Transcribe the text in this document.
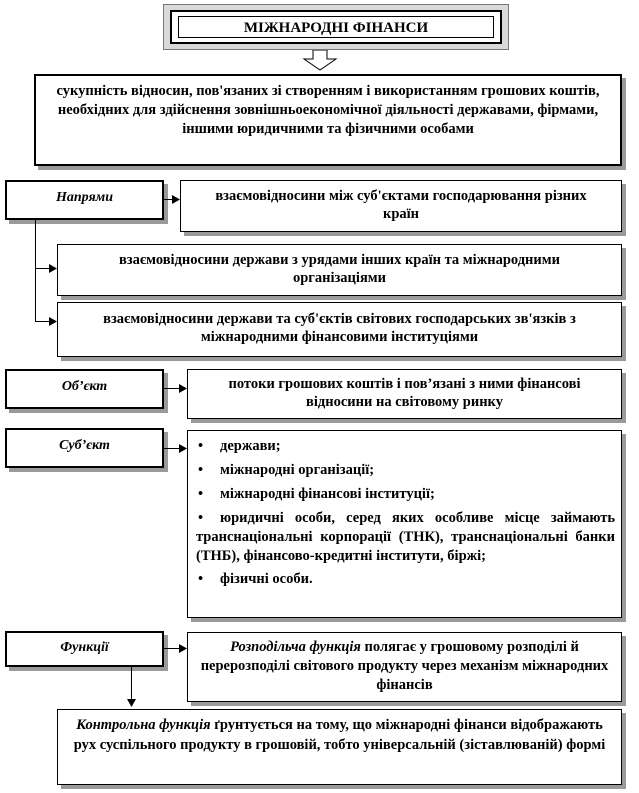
МІЖНАРОДНІ ФІНАНСИ
сукупність відносин, пов'язаних зі створенням і використанням грошових коштів, необхідних для здійснення зовнішньоекономічної діяльності державами, фірмами, іншими юридичними та фізичними особами
Напрями	взаємовідносини між суб'єктами господарювання різних країн
взаємовідносини держави з урядами інших країн та міжнародними організаціями
взаємовідносини держави та суб'єктів світових господарських зв'язків з міжнародними фінансовими інституціями
Об’єкт	потоки грошових коштів і пов’язані з ними фінансові відносини на світовому ринку
Суб’єкт	• держави;
• міжнародні організації;
• міжнародні фінансові інституції;
• юридичні особи, серед яких особливе місце займають транснаціональні корпорації (ТНК), транснаціональні банки (ТНБ), фінансово-кредитні інститути, біржі;
• фізичні особи.
Функції	Розподільча функція полягає у грошовому розподілі й перерозподілі світового продукту через механізм міжнародних фінансів
Контрольна функція ґрунтується на тому, що міжнародні фінанси відображають рух суспільного продукту в грошовій, тобто універсальній (зіставлюваній) формі
